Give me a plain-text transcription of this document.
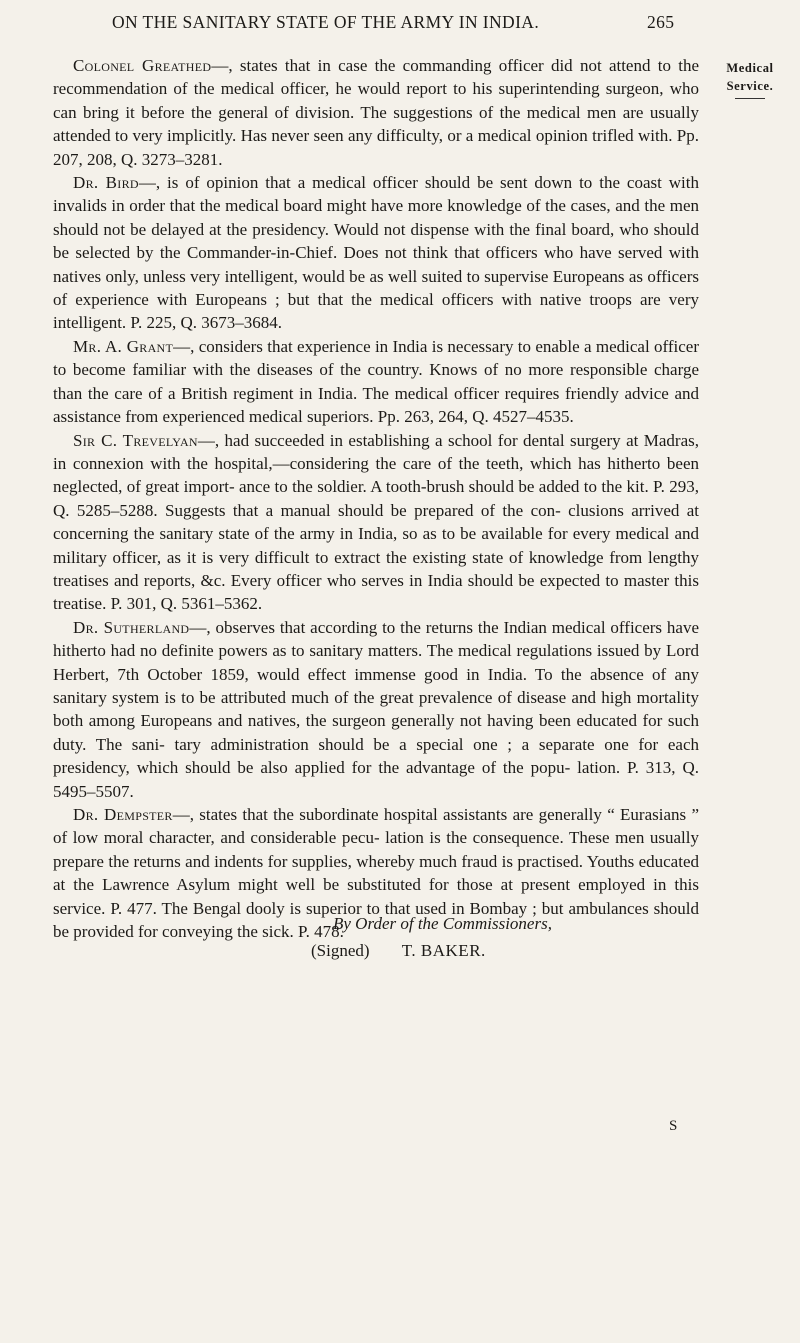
ON THE SANITARY STATE OF THE ARMY IN INDIA.	265
Medical
Service.

Colonel Greathed—, states that in case the commanding officer did not attend to the recommendation of the medical officer, he would report to his superintending surgeon, who can bring it before the general of division. The suggestions of the medical men are usually attended to very implicitly. Has never seen any difficulty, or a medical opinion trifled with. Pp. 207, 208, Q. 3273–3281.

Dr. Bird—, is of opinion that a medical officer should be sent down to the coast with invalids in order that the medical board might have more knowledge of the cases, and the men should not be delayed at the presidency. Would not dispense with the final board, who should be selected by the Commander-in-Chief. Does not think that officers who have served with natives only, unless very intelligent, would be as well suited to supervise Europeans as officers of experience with Europeans ; but that the medical officers with native troops are very intelligent. P. 225, Q. 3673–3684.

Mr. A. Grant—, considers that experience in India is necessary to enable a medical officer to become familiar with the diseases of the country. Knows of no more responsible charge than the care of a British regiment in India. The medical officer requires friendly advice and assistance from experienced medical superiors. Pp. 263, 264, Q. 4527–4535.

Sir C. Trevelyan—, had succeeded in establishing a school for dental surgery at Madras, in connexion with the hospital,—considering the care of the teeth, which has hitherto been neglected, of great import- ance to the soldier. A tooth-brush should be added to the kit. P. 293, Q. 5285–5288. Suggests that a manual should be prepared of the con- clusions arrived at concerning the sanitary state of the army in India, so as to be available for every medical and military officer, as it is very difficult to extract the existing state of knowledge from lengthy treatises and reports, &c. Every officer who serves in India should be expected to master this treatise. P. 301, Q. 5361–5362.

Dr. Sutherland—, observes that according to the returns the Indian medical officers have hitherto had no definite powers as to sanitary matters. The medical regulations issued by Lord Herbert, 7th October 1859, would effect immense good in India. To the absence of any sanitary system is to be attributed much of the great prevalence of disease and high mortality both among Europeans and natives, the surgeon generally not having been educated for such duty. The sani- tary administration should be a special one ; a separate one for each presidency, which should be also applied for the advantage of the popu- lation. P. 313, Q. 5495–5507.

Dr. Dempster—, states that the subordinate hospital assistants are generally “ Eurasians ” of low moral character, and considerable pecu- lation is the consequence. These men usually prepare the returns and indents for supplies, whereby much fraud is practised. Youths educated at the Lawrence Asylum might well be substituted for those at present employed in this service. P. 477. The Bengal dooly is superior to that used in Bombay ; but ambulances should be provided for conveying the sick. P. 478.

By Order of the Commissioners,
(Signed) T. BAKER.
S
